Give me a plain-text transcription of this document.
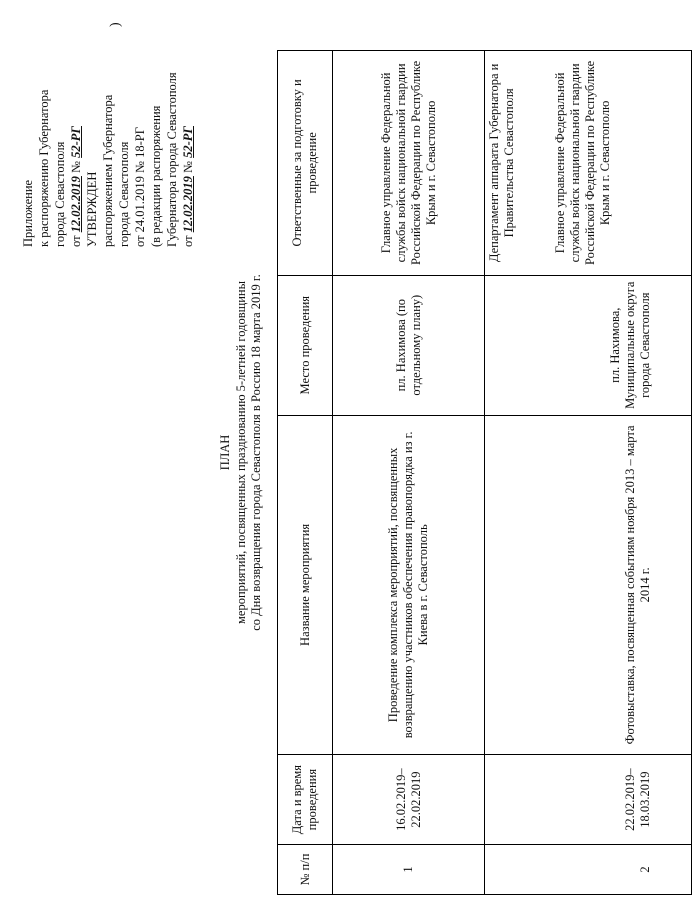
Приложение к распоряжению Губернатора города Севастополя от 12.02.2019 № 52-РГ
УТВЕРЖДЕН распоряжением Губернатора города Севастополя от 24.01.2019 № 18-РГ (в редакции распоряжения Губернатора города Севастополя от 12.02.2019 № 52-РГ
)
ПЛАН мероприятий, посвященных празднованию 5-летней годовщины со Дня возвращения города Севастополя в Россию 18 марта 2019 г.
№ п/п	Дата и время проведения	Название мероприятия	Место проведения	Ответственные за подготовку и проведение
1	16.02.2019–22.02.2019	Проведение комплекса мероприятий, посвященных возвращению участников обеспечения правопорядка из г. Киева в г. Севастополь	пл. Нахимова (по отдельному плану)	Главное управление Федеральной службы войск национальной гвардии Российской Федерации по Республике Крым и г. Севастополю
2	22.02.2019–18.03.2019	Фотовыставка, посвященная событиям ноября 2013 – марта 2014 г.	пл. Нахимова, Муниципальные округа города Севастополя	Департамент аппарата Губернатора и Правительства Севастополя Главное управление Федеральной службы войск национальной гвардии Российской Федерации по Республике Крым и г. Севастополю
